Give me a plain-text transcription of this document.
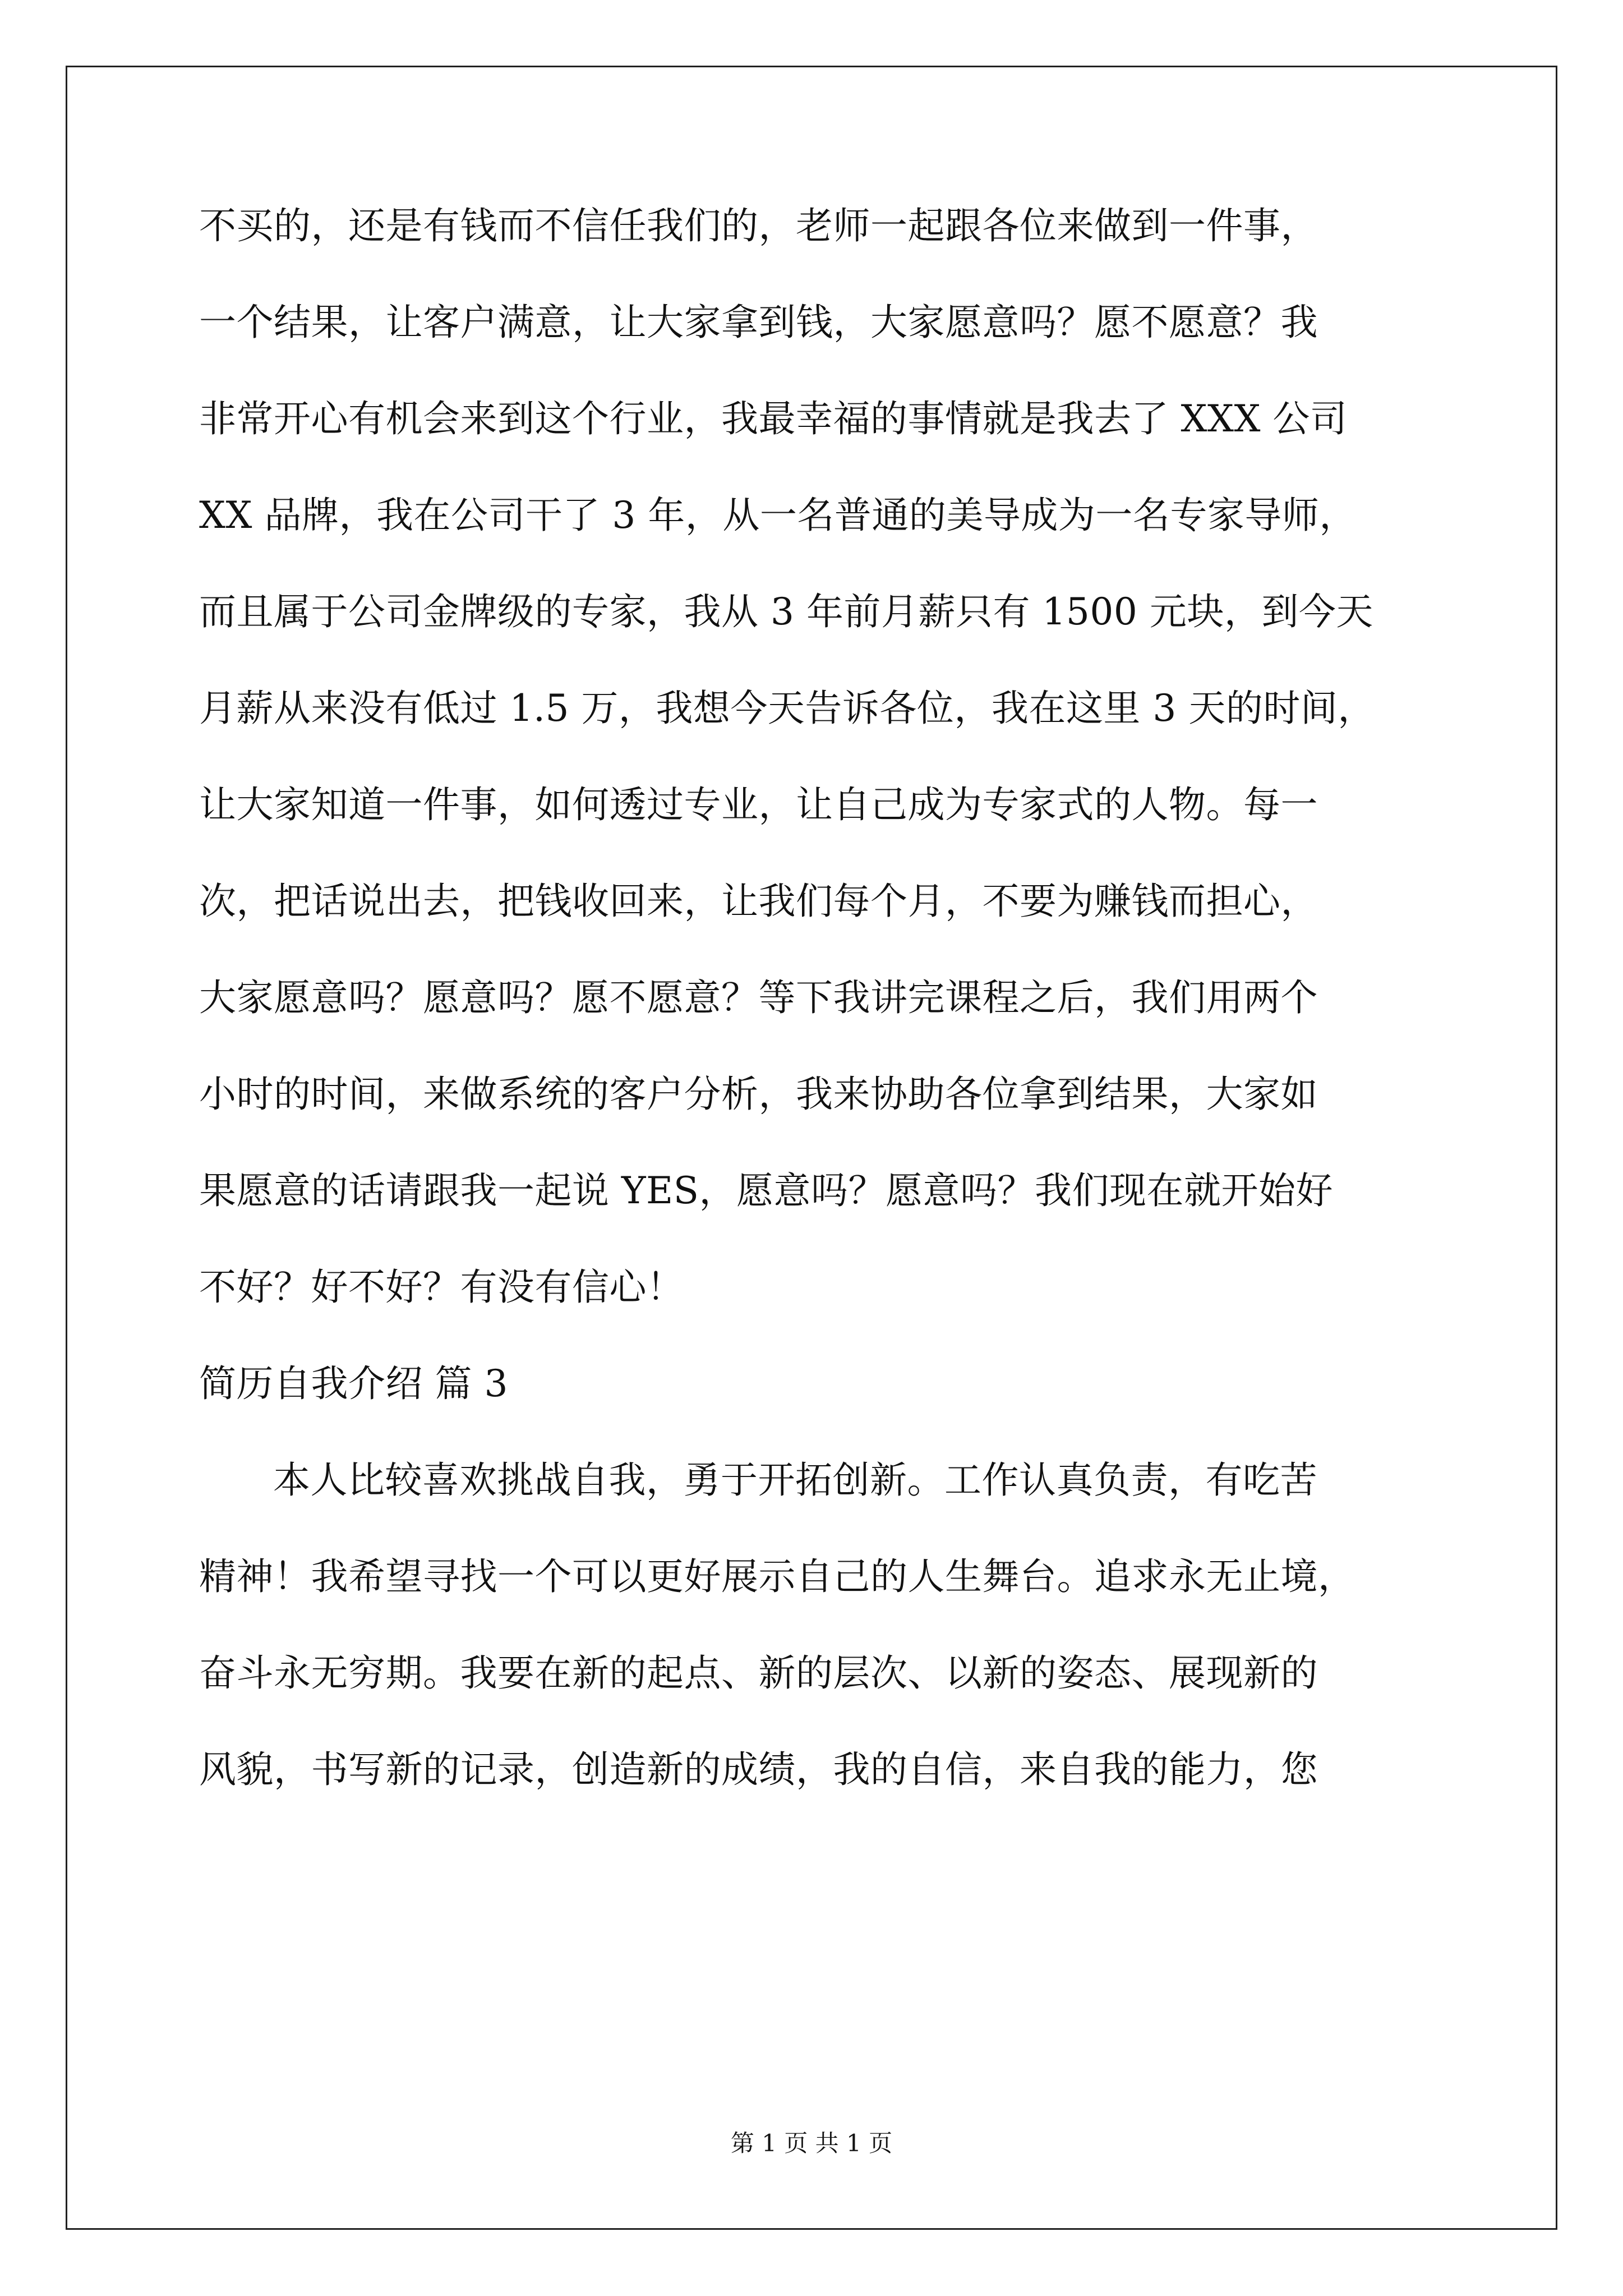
不买的，还是有钱而不信任我们的，老师一起跟各位来做到一件事，
一个结果，让客户满意，让大家拿到钱，大家愿意吗？愿不愿意？我
非常开心有机会来到这个行业，我最幸福的事情就是我去了 XXX 公司
XX 品牌，我在公司干了 3 年，从一名普通的美导成为一名专家导师，
而且属于公司金牌级的专家，我从 3 年前月薪只有 1500 元块，到今天
月薪从来没有低过 1.5 万，我想今天告诉各位，我在这里 3 天的时间，
让大家知道一件事，如何透过专业，让自己成为专家式的人物。每一
次，把话说出去，把钱收回来，让我们每个月，不要为赚钱而担心，
大家愿意吗？愿意吗？愿不愿意？等下我讲完课程之后，我们用两个
小时的时间，来做系统的客户分析，我来协助各位拿到结果，大家如
果愿意的话请跟我一起说 YES，愿意吗？愿意吗？我们现在就开始好
不好？好不好？有没有信心！
简历自我介绍 篇 3
本人比较喜欢挑战自我，勇于开拓创新。工作认真负责，有吃苦
精神！我希望寻找一个可以更好展示自己的人生舞台。追求永无止境，
奋斗永无穷期。我要在新的起点、新的层次、以新的姿态、展现新的
风貌，书写新的记录，创造新的成绩，我的自信，来自我的能力，您
第 1 页 共 1 页
